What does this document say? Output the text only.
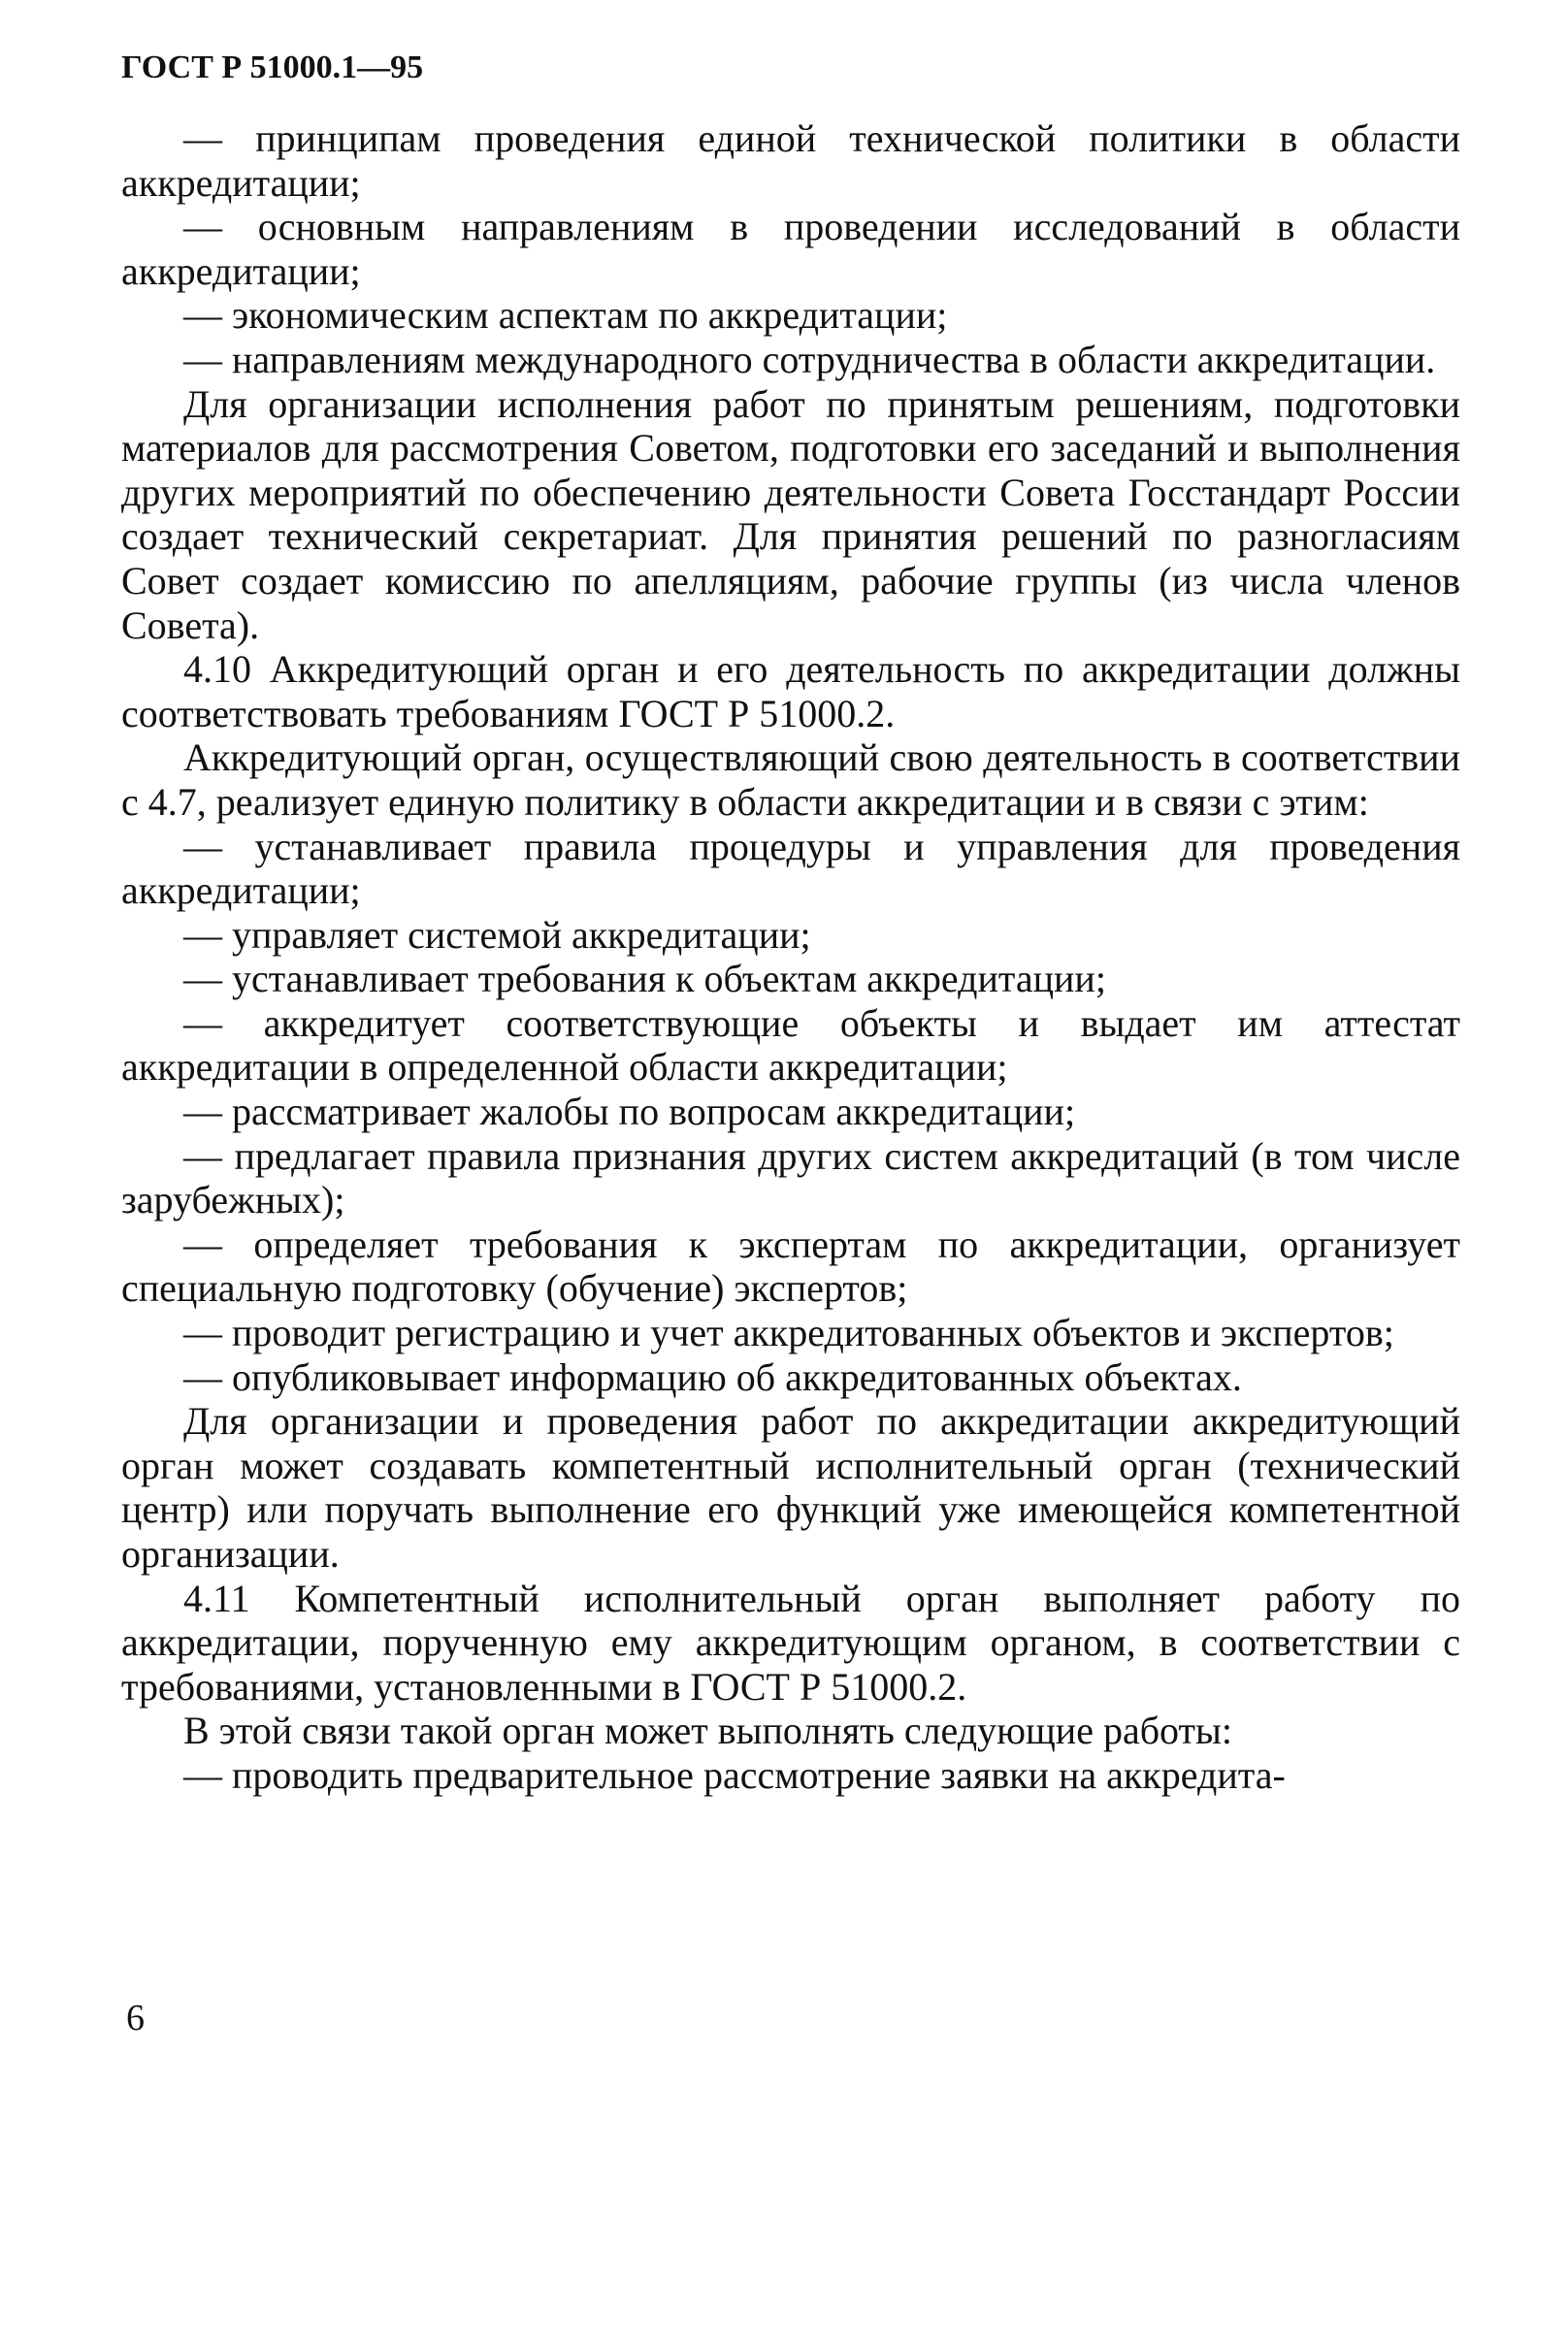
ГОСТ Р 51000.1—95

— принципам проведения единой технической политики в области аккредитации;

— основным направлениям в проведении исследований в области аккредитации;

— экономическим аспектам по аккредитации;

— направлениям международного сотрудничества в области аккредитации.

Для организации исполнения работ по принятым решениям, подготовки материалов для рассмотрения Советом, подготовки его заседаний и выполнения других мероприятий по обеспечению деятельности Совета Госстандарт России создает технический секретариат. Для принятия решений по разногласиям Совет создает комиссию по апелляциям, рабочие группы (из числа членов Совета).

4.10 Аккредитующий орган и его деятельность по аккредитации должны соответствовать требованиям ГОСТ Р 51000.2.

Аккредитующий орган, осуществляющий свою деятельность в соответствии с 4.7, реализует единую политику в области аккредитации и в связи с этим:

— устанавливает правила процедуры и управления для проведения аккредитации;

— управляет системой аккредитации;

— устанавливает требования к объектам аккредитации;

— аккредитует соответствующие объекты и выдает им аттестат аккредитации в определенной области аккредитации;

— рассматривает жалобы по вопросам аккредитации;

— предлагает правила признания других систем аккредитаций (в том числе зарубежных);

— определяет требования к экспертам по аккредитации, организует специальную подготовку (обучение) экспертов;

— проводит регистрацию и учет аккредитованных объектов и экспертов;

— опубликовывает информацию об аккредитованных объектах.

Для организации и проведения работ по аккредитации аккредитующий орган может создавать компетентный исполнительный орган (технический центр) или поручать выполнение его функций уже имеющейся компетентной организации.

4.11 Компетентный исполнительный орган выполняет работу по аккредитации, порученную ему аккредитующим органом, в соответствии с требованиями, установленными в ГОСТ Р 51000.2.

В этой связи такой орган может выполнять следующие работы:

— проводить предварительное рассмотрение заявки на аккредита-

6
